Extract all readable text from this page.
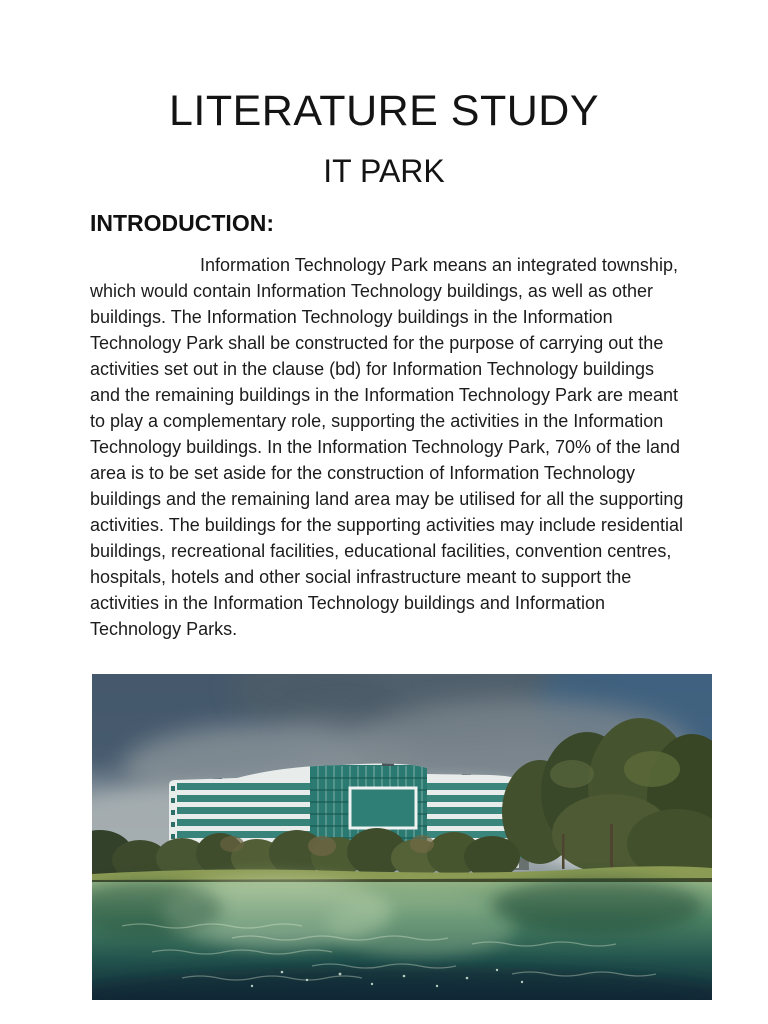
LITERATURE STUDY
IT PARK
INTRODUCTION:

Information Technology Park means an integrated township, which would contain Information Technology buildings, as well as other buildings. The Information Technology buildings in the Information Technology Park shall be constructed for the purpose of carrying out the activities set out in the clause (bd) for Information Technology buildings and the remaining buildings in the Information Technology Park are meant to play a complementary role, supporting the activities in the Information Technology buildings. In the Information Technology Park, 70% of the land area is to be set aside for the construction of Information Technology buildings and the remaining land area may be utilised for all the supporting activities. The buildings for the supporting activities may include residential buildings, recreational facilities, educational facilities, convention centres, hospitals, hotels and other social infrastructure meant to support the activities in the Information Technology buildings and Information Technology Parks.
